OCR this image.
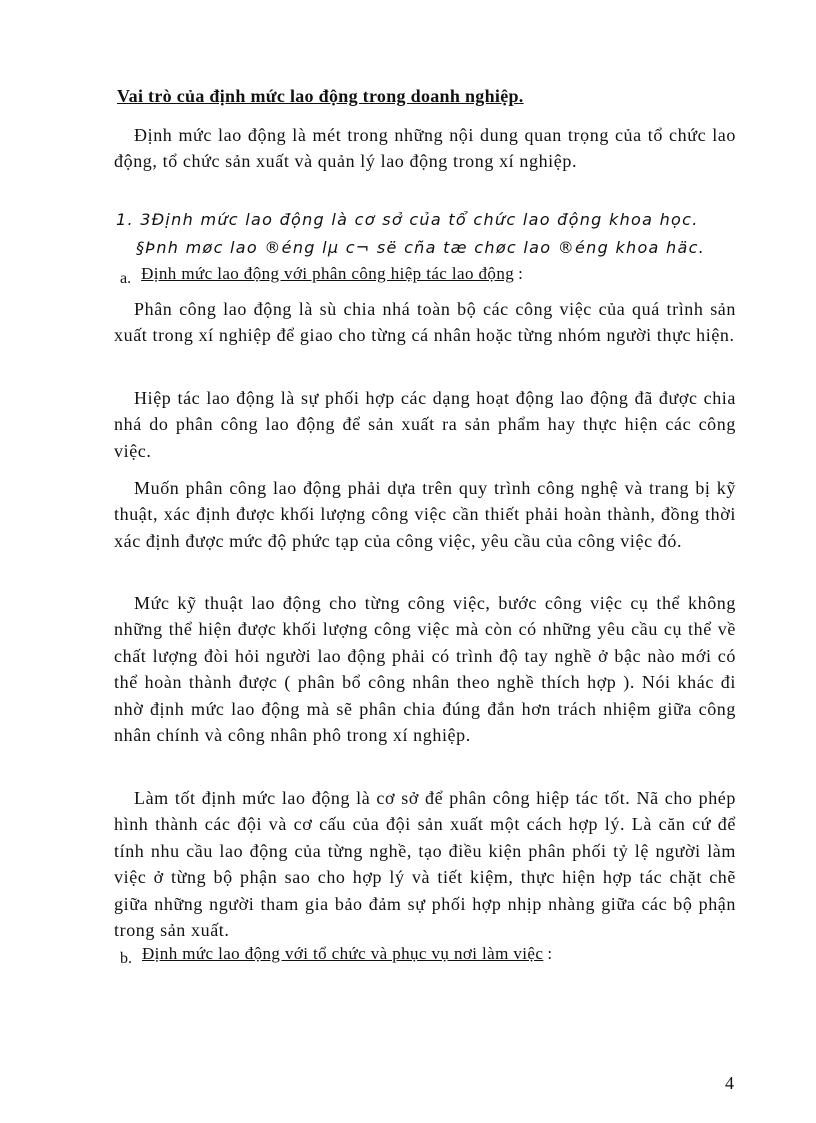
Vai trò của định mức lao động trong doanh nghiệp.

Định mức lao động là mét trong những nội dung quan trọng của tổ chức lao động, tổ chức sản xuất và quản lý lao động trong xí nghiệp.

1. 3Định mức lao động là cơ sở của tổ chức lao động khoa học.
§Þnh møc lao ®éng lµ c¬ së cña tæ chøc lao ®éng khoa häc.
a. Định mức lao động với phân công hiệp tác lao động :

Phân công lao động là sù chia nhá toàn bộ các công việc của quá trình sản xuất trong xí nghiệp để giao cho từng cá nhân hoặc từng nhóm người thực hiện.

Hiệp tác lao động là sự phối hợp các dạng hoạt động lao động đã được chia nhá do phân công lao động để sản xuất ra sản phẩm hay thực hiện các công việc.

Muốn phân công lao động phải dựa trên quy trình công nghệ và trang bị kỹ thuật, xác định được khối lượng công việc cần thiết phải hoàn thành, đồng thời xác định được mức độ phức tạp của công việc, yêu cầu của công việc đó.

Mức kỹ thuật lao động cho từng công việc, bước công việc cụ thể không những thể hiện được khối lượng công việc mà còn có những yêu cầu cụ thể về chất lượng đòi hỏi người lao động phải có trình độ tay nghề ở bậc nào mới có thể hoàn thành được ( phân bổ công nhân theo nghề thích hợp ). Nói khác đi nhờ định mức lao động mà sẽ phân chia đúng đắn hơn trách nhiệm giữa công nhân chính và công nhân phô trong xí nghiệp.

Làm tốt định mức lao động là cơ sở để phân công hiệp tác tốt. Nã cho phép hình thành các đội và cơ cấu của đội sản xuất một cách hợp lý. Là căn cứ để tính nhu cầu lao động của từng nghề, tạo điều kiện phân phối tỷ lệ người làm việc ở từng bộ phận sao cho hợp lý và tiết kiệm, thực hiện hợp tác chặt chẽ giữa những người tham gia bảo đảm sự phối hợp nhịp nhàng giữa các bộ phận trong sản xuất.

b. Định mức lao động với tổ chức và phục vụ nơi làm việc :
4
